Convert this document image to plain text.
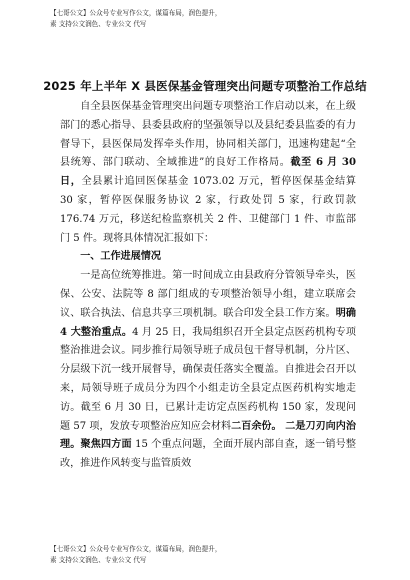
【七哥公文】公众号专业写作公文，谋篇布局，润色提升，
素 支持公文润色、专业公文 代写
2025 年上半年 X 县医保基金管理突出问题专项整治工作总结

自全县医保基金管理突出问题专项整治工作启动以来，在上级部门的悉心指导、县委县政府的坚强领导以及县纪委县监委的有力督导下，县医保局发挥牵头作用，协同相关部门，迅速构建起“全县统筹、部门联动、全域推进”的良好工作格局。截至 6 月 30 日，全县累计追回医保基金 1073.02 万元，暂停医保基金结算 30 家，暂停医保服务协议 2 家，行政处罚 5 家，行政罚款 176.74 万元，移送纪检监察机关 2 件、卫健部门 1 件、市监部门 5 件。现将具体情况汇报如下：

一、工作进展情况

一是高位统筹推进。第一时间成立由县政府分管领导牵头，医保、公安、法院等 8 部门组成的专项整治领导小组，建立联席会议、联合执法、信息共享三项机制。联合印发全县工作方案。明确 4 大整治重点。4 月 25 日，我局组织召开全县定点医药机构专项整治推进会议。同步推行局领导班子成员包干督导机制，分片区、分层级下沉一线开展督导，确保责任落实全覆盖。自推进会召开以来，局领导班子成员分为四个小组走访全县定点医药机构实地走访。截至 6 月 30 日，已累计走访定点医药机构 150 家，发现问题 57 项，发放专项整治应知应会材料二百余份。 二是刀刃向内治理。聚焦四方面 15 个重点问题，全面开展内部自查，逐一销号整改，推进作风转变与监管质效

【七哥公文】公众号专业写作公文，谋篇布局，润色提升，
素 支持公文润色、专业公文 代写
